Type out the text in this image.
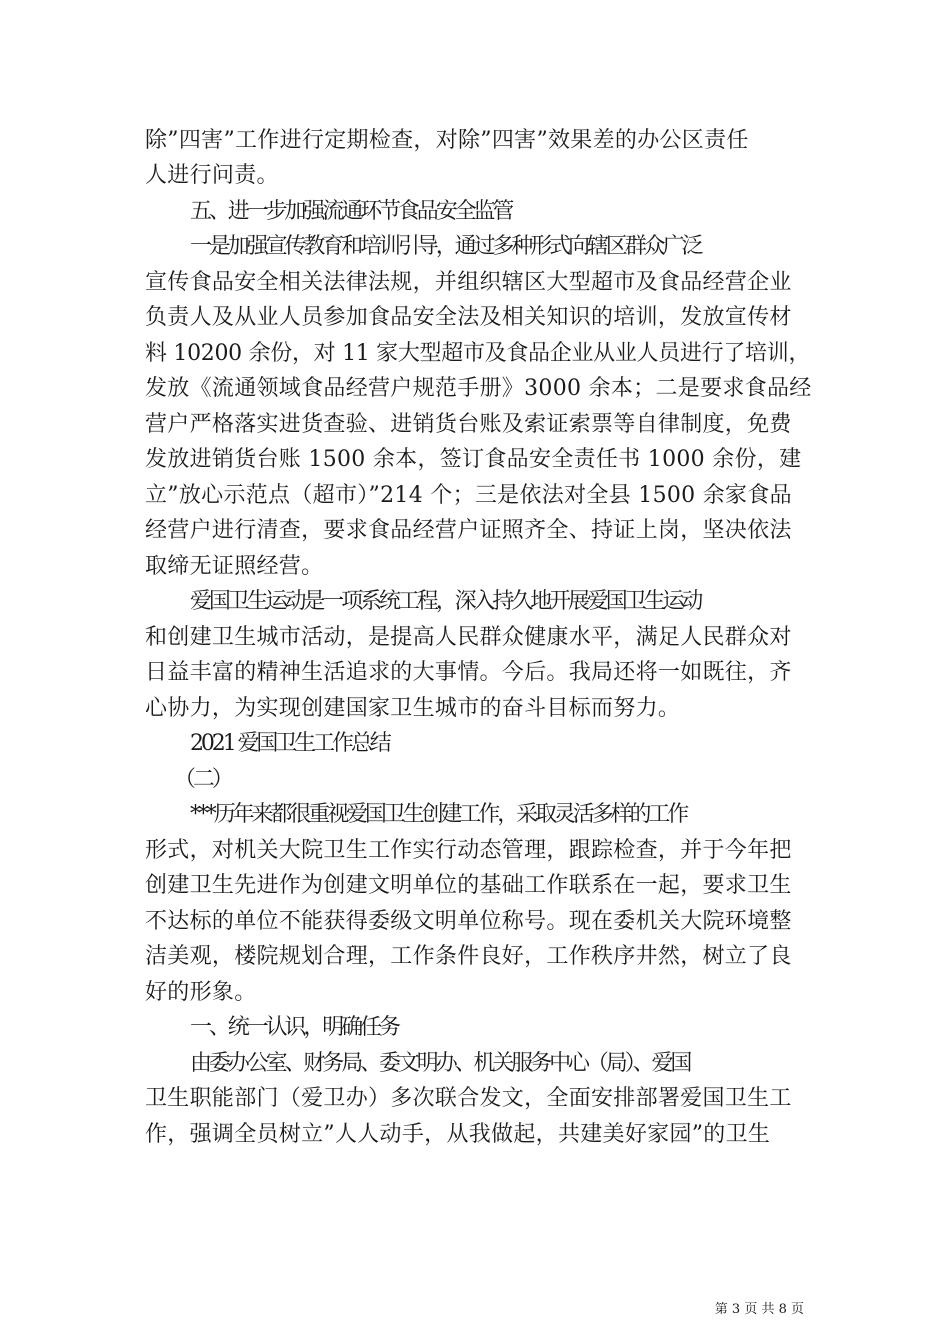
除”四害”工作进行定期检查，对除”四害”效果差的办公区责任
人进行问责。
五、进一步加强流通环节食品安全监管
一是加强宣传教育和培训引导，通过多种形式向辖区群众广泛
宣传食品安全相关法律法规，并组织辖区大型超市及食品经营企业
负责人及从业人员参加食品安全法及相关知识的培训，发放宣传材
料 10200 余份，对 11 家大型超市及食品企业从业人员进行了培训，
发放《流通领域食品经营户规范手册》3000 余本；二是要求食品经
营户严格落实进货查验、进销货台账及索证索票等自律制度，免费
发放进销货台账 1500 余本，签订食品安全责任书 1000 余份，建
立”放心示范点（超市）”214 个；三是依法对全县 1500 余家食品
经营户进行清查，要求食品经营户证照齐全、持证上岗，坚决依法
取缔无证照经营。
爱国卫生运动是一项系统工程，深入持久地开展爱国卫生运动
和创建卫生城市活动，是提高人民群众健康水平，满足人民群众对
日益丰富的精神生活追求的大事情。今后。我局还将一如既往，齐
心协力，为实现创建国家卫生城市的奋斗目标而努力。
2021 爱国卫生工作总结
（二）
***历年来都很重视爱国卫生创建工作，采取灵活多样的工作
形式，对机关大院卫生工作实行动态管理，跟踪检查，并于今年把
创建卫生先进作为创建文明单位的基础工作联系在一起，要求卫生
不达标的单位不能获得委级文明单位称号。现在委机关大院环境整
洁美观，楼院规划合理，工作条件良好，工作秩序井然，树立了良
好的形象。
一、统一认识，明确任务
由委办公室、财务局、委文明办、机关服务中心（局）、爱国
卫生职能部门（爱卫办）多次联合发文，全面安排部署爱国卫生工
作，强调全员树立”人人动手，从我做起，共建美好家园”的卫生
第 3 页 共 8 页
